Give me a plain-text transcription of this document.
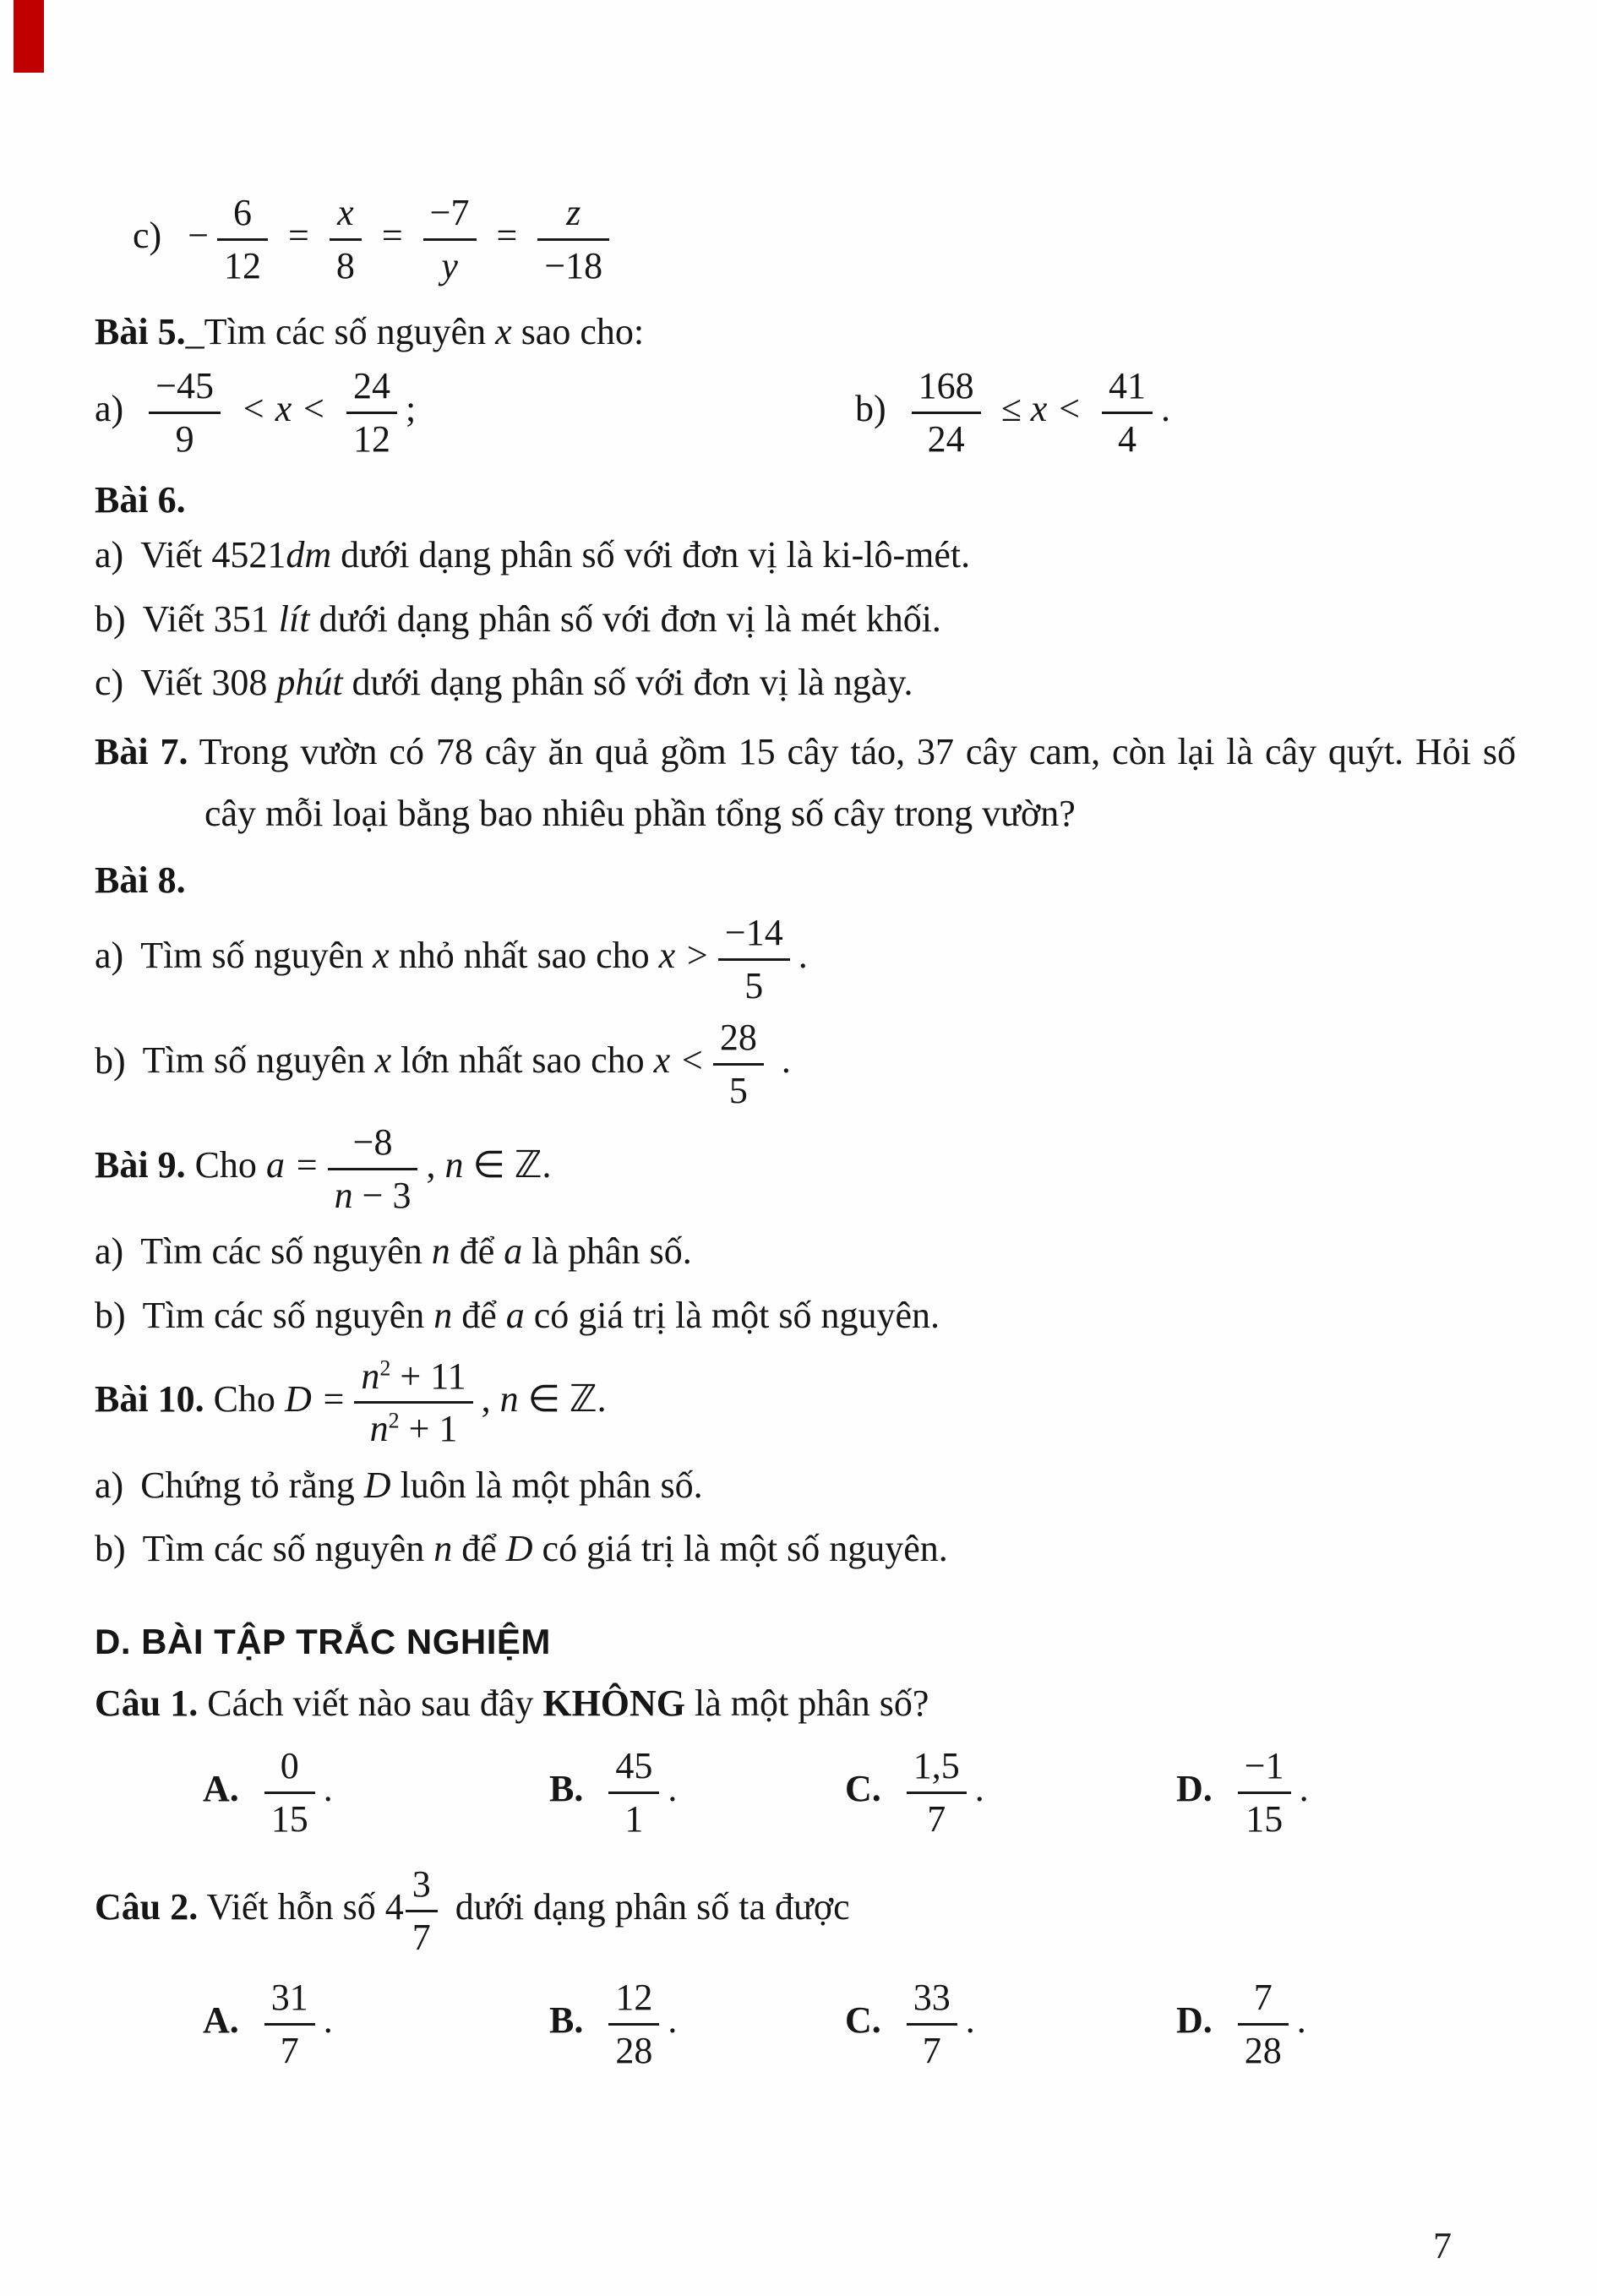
$c) - \frac{6}{12} = \frac{x}{8} = \frac{-7}{y} = \frac{z}{-18}$
Bài 5._Tìm các số nguyên x sao cho:
$a) \frac{-45}{9} < x < \frac{24}{12}$ ;	$b) \frac{168}{24} \le x < \frac{41}{4}$ .
Bài 6.
a) Viết 4521dm dưới dạng phân số với đơn vị là ki-lô-mét.
b) Viết 351 lít dưới dạng phân số với đơn vị là mét khối.
c) Viết 308 phút dưới dạng phân số với đơn vị là ngày.
Bài 7. Trong vườn có 78 cây ăn quả gồm 15 cây táo, 37 cây cam, còn lại là cây quýt. Hỏi số cây mỗi loại bằng bao nhiêu phần tổng số cây trong vườn?
Bài 8.
a) Tìm số nguyên x nhỏ nhất sao cho $x > \frac{-14}{5}$ .
b) Tìm số nguyên x lớn nhất sao cho $x < \frac{28}{5}$ .
Bài 9. Cho $a = \frac{-8}{n - 3}$ , n ∈ ℤ.
a) Tìm các số nguyên n để a là phân số.
b) Tìm các số nguyên n để a có giá trị là một số nguyên.
Bài 10. Cho $D = \frac{n^2 + 11}{n^2 + 1}$ , n ∈ ℤ.
a) Chứng tỏ rằng D luôn là một phân số.
b) Tìm các số nguyên n để D có giá trị là một số nguyên.
D. BÀI TẬP TRẮC NGHIỆM
Câu 1. Cách viết nào sau đây KHÔNG là một phân số?
A. $\frac{0}{15}$ .	B. $\frac{45}{1}$ .	C. $\frac{1,5}{7}$ .	D. $\frac{-1}{15}$ .
Câu 2. Viết hỗn số $4 \frac{3}{7}$ dưới dạng phân số ta được
A. $\frac{31}{7}$ .	B. $\frac{12}{28}$ .	C. $\frac{33}{7}$ .	D. $\frac{7}{28}$ .
7
